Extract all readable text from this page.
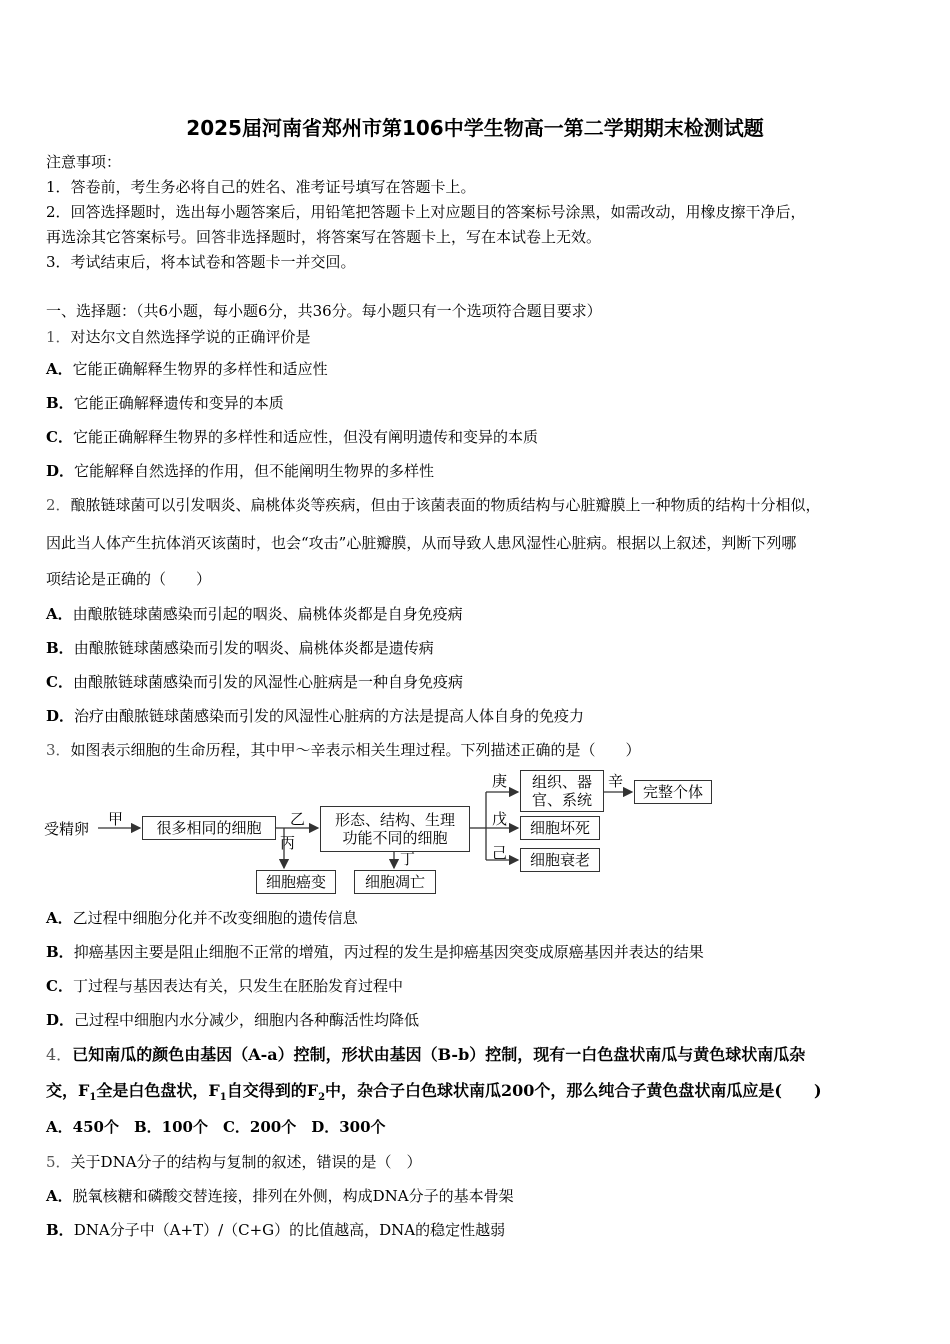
2025届河南省郑州市第106中学生物高一第二学期期末检测试题
注意事项：
1．答卷前，考生务必将自己的姓名、准考证号填写在答题卡上。
2．回答选择题时，选出每小题答案后，用铅笔把答题卡上对应题目的答案标号涂黑，如需改动，用橡皮擦干净后，
再选涂其它答案标号。回答非选择题时，将答案写在答题卡上，写在本试卷上无效。
3．考试结束后，将本试卷和答题卡一并交回。
一、选择题：（共6小题，每小题6分，共36分。每小题只有一个选项符合题目要求）
1．对达尔文自然选择学说的正确评价是
A．它能正确解释生物界的多样性和适应性
B．它能正确解释遗传和变异的本质
C．它能正确解释生物界的多样性和适应性，但没有阐明遗传和变异的本质
D．它能解释自然选择的作用，但不能阐明生物界的多样性
2．酿脓链球菌可以引发咽炎、扁桃体炎等疾病，但由于该菌表面的物质结构与心脏瓣膜上一种物质的结构十分相似，
因此当人体产生抗体消灭该菌时，也会“攻击”心脏瓣膜，从而导致人患风湿性心脏病。根据以上叙述，判断下列哪
项结论是正确的（　　）
A．由酿脓链球菌感染而引起的咽炎、扁桃体炎都是自身免疫病
B．由酿脓链球菌感染而引发的咽炎、扁桃体炎都是遗传病
C．由酿脓链球菌感染而引发的风湿性心脏病是一种自身免疫病
D．治疗由酿脓链球菌感染而引发的风湿性心脏病的方法是提高人体自身的免疫力
3．如图表示细胞的生命历程，其中甲～辛表示相关生理过程。下列描述正确的是（　　）
受精卵
甲	很多相同的细胞	乙
丙
形态、结构、生理
功能不同的细胞
丁
细胞癌变	细胞凋亡
庚
戊
己
组织、器
官、系统
辛
完整个体
细胞坏死
细胞衰老
A．乙过程中细胞分化并不改变细胞的遗传信息
B．抑癌基因主要是阻止细胞不正常的增殖，丙过程的发生是抑癌基因突变成原癌基因并表达的结果
C．丁过程与基因表达有关，只发生在胚胎发育过程中
D．己过程中细胞内水分减少，细胞内各种酶活性均降低
4．已知南瓜的颜色由基因（A-a）控制，形状由基因（B-b）控制，现有一白色盘状南瓜与黄色球状南瓜杂
交，$F_1$全是白色盘状，$F_1$自交得到的$F_2$中，杂合子白色球状南瓜200个，那么纯合子黄色盘状南瓜应是(　　)
A．450个　B．100个　C．200个　D．300个
5．关于DNA分子的结构与复制的叙述，错误的是（　）
A．脱氧核糖和磷酸交替连接，排列在外侧，构成DNA分子的基本骨架
B．DNA分子中（A+T）/（C+G）的比值越高，DNA的稳定性越弱
